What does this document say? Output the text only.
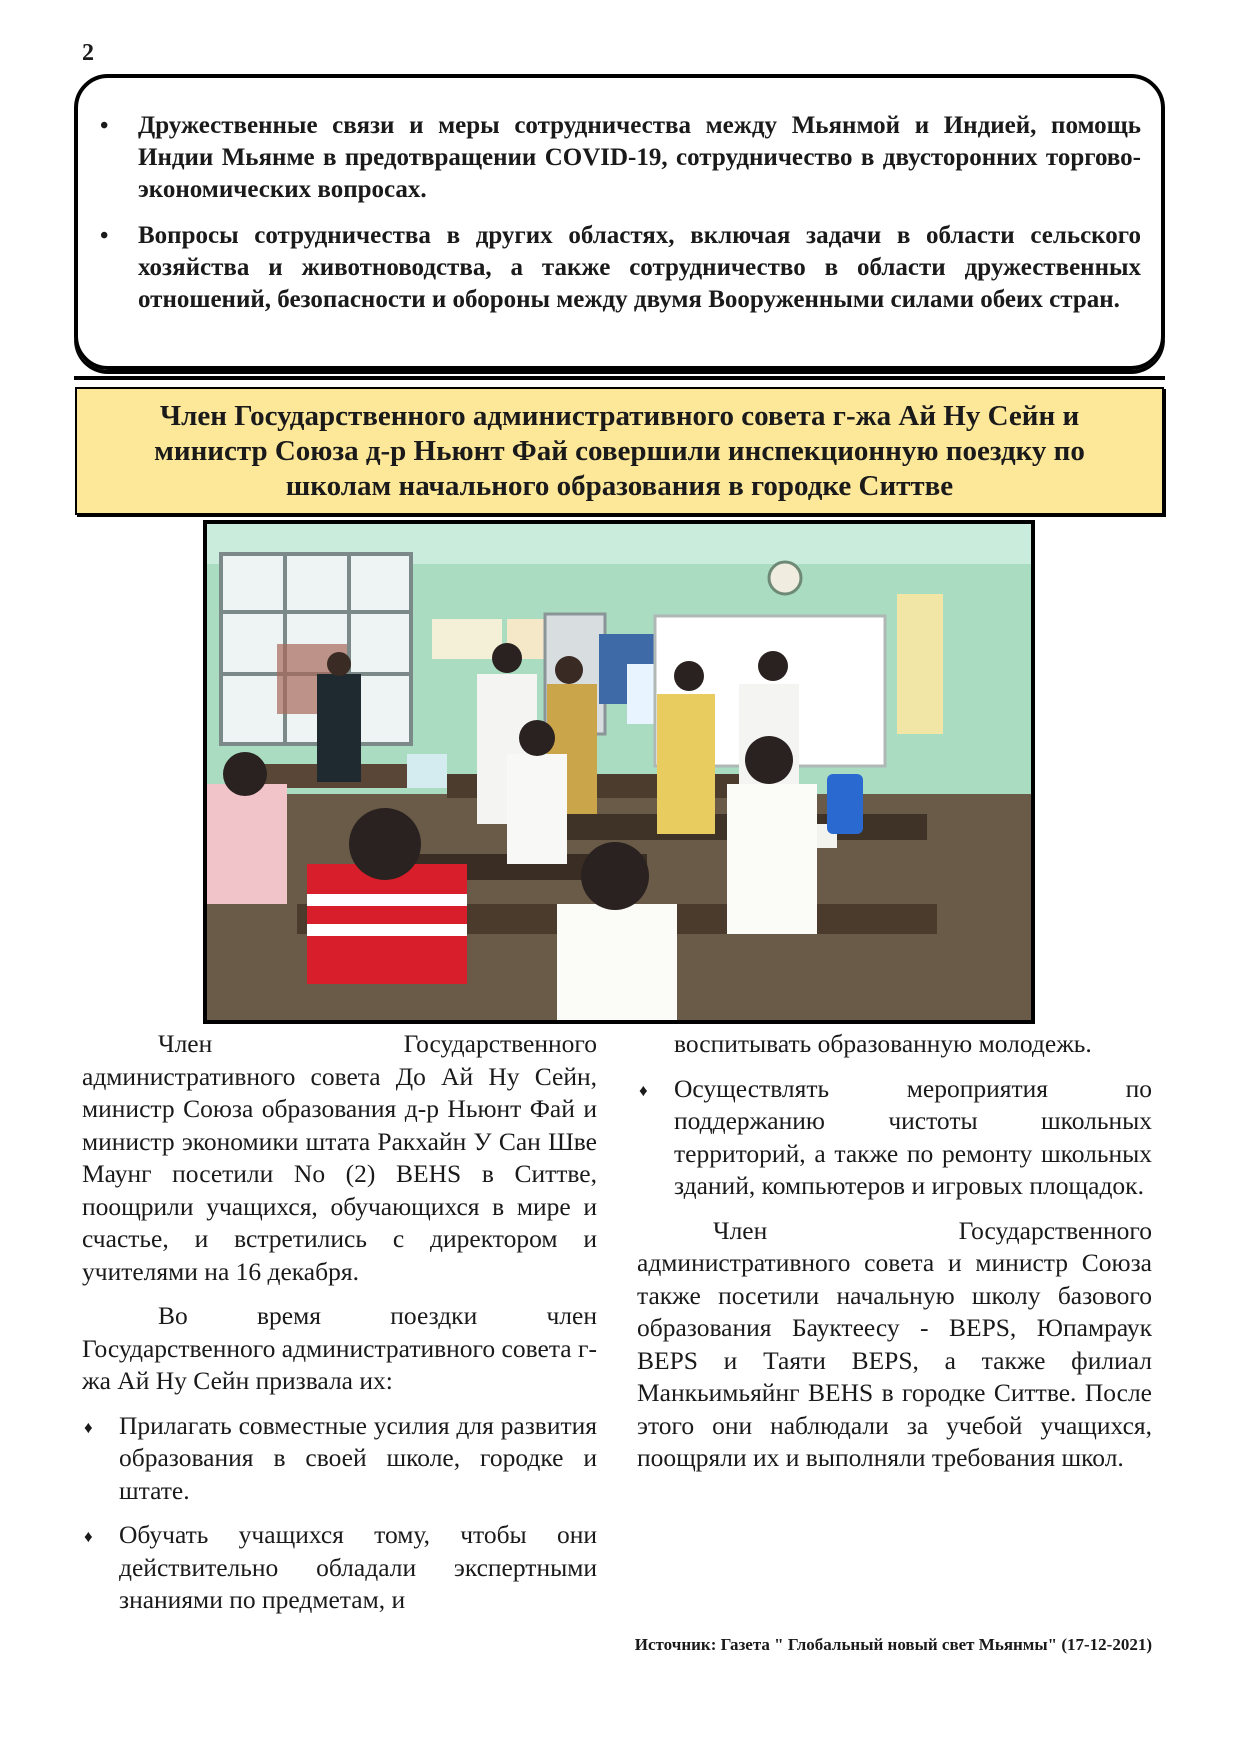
2
• Дружественные связи и меры сотрудничества между Мьянмой и Индией, помощь Индии Мьянме в предотвращении COVID-19, сотрудничество в двусторонних торгово-экономических вопросах.
• Вопросы сотрудничества в других областях, включая задачи в области сельского хозяйства и животноводства, а также сотрудничество в области дружественных отношений, безопасности и обороны между двумя Вооруженными силами обеих стран.
Член Государственного административного совета г-жа Ай Ну Сейн и министр Союза д-р Ньюнт Фай совершили инспекционную поездку по школам начального образования в городке Ситтве

Член Государственного административного совета До Ай Ну Сейн, министр Союза образования д-р Ньюнт Фай и министр экономики штата Ракхайн У Сан Шве Маунг посетили No (2) BEHS в Ситтве, поощрили учащихся, обучающихся в мире и счастье, и встретились с директором и учителями на 16 декабря.

Во время поездки член Государственного административного совета г-жа Ай Ну Сейн призвала их:

♦ Прилагать совместные усилия для развития образования в своей школе, городке и штате.
♦ Обучать учащихся тому, чтобы они действительно обладали экспертными знаниями по предметам, и

воспитывать образованную молодежь.

♦ Осуществлять мероприятия по поддержанию чистоты школьных территорий, а также по ремонту школьных зданий, компьютеров и игровых площадок.

Член Государственного административного совета и министр Союза также посетили начальную школу базового образования Бауктеесу - BEPS, Юпамраук BEPS и Таяти BEPS, а также филиал Манкьимьяйнг BEHS в городке Ситтве. После этого они наблюдали за учебой учащихся, поощряли их и выполняли требования школ.

Источник: Газета " Глобальный новый свет Мьянмы" (17-12-2021)
